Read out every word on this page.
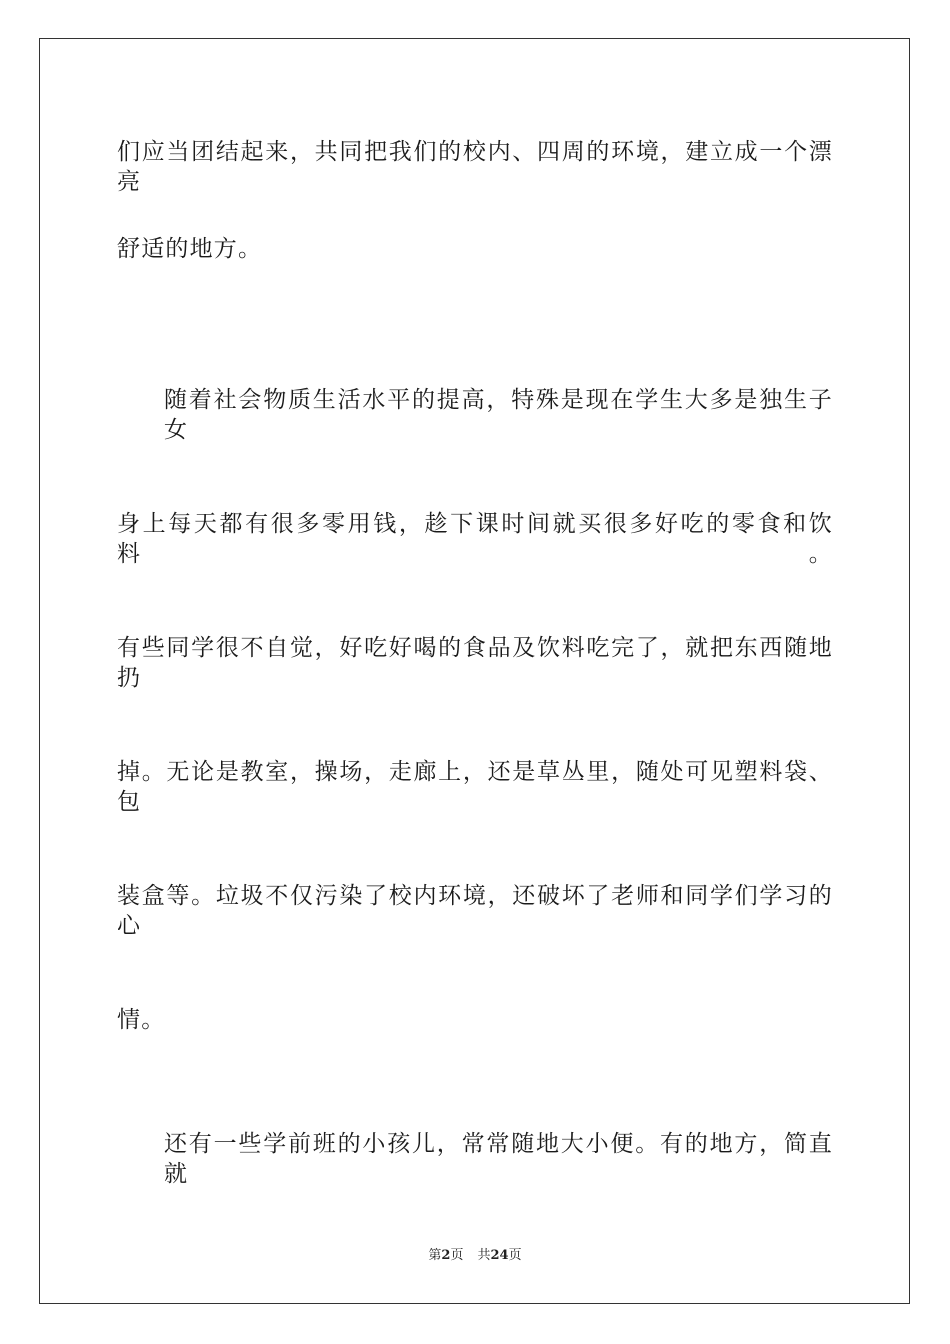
们应当团结起来，共同把我们的校内、四周的环境，建立成一个漂亮
舒适的地方。
随着社会物质生活水平的提高，特殊是现在学生大多是独生子女
身上每天都有很多零用钱，趁下课时间就买很多好吃的零食和饮料。
有些同学很不自觉，好吃好喝的食品及饮料吃完了，就把东西随地扔
掉。无论是教室，操场，走廊上，还是草丛里，随处可见塑料袋、包
装盒等。垃圾不仅污染了校内环境，还破坏了老师和同学们学习的心
情。
还有一些学前班的小孩儿，常常随地大小便。有的地方，简直就
第2页 共24页
